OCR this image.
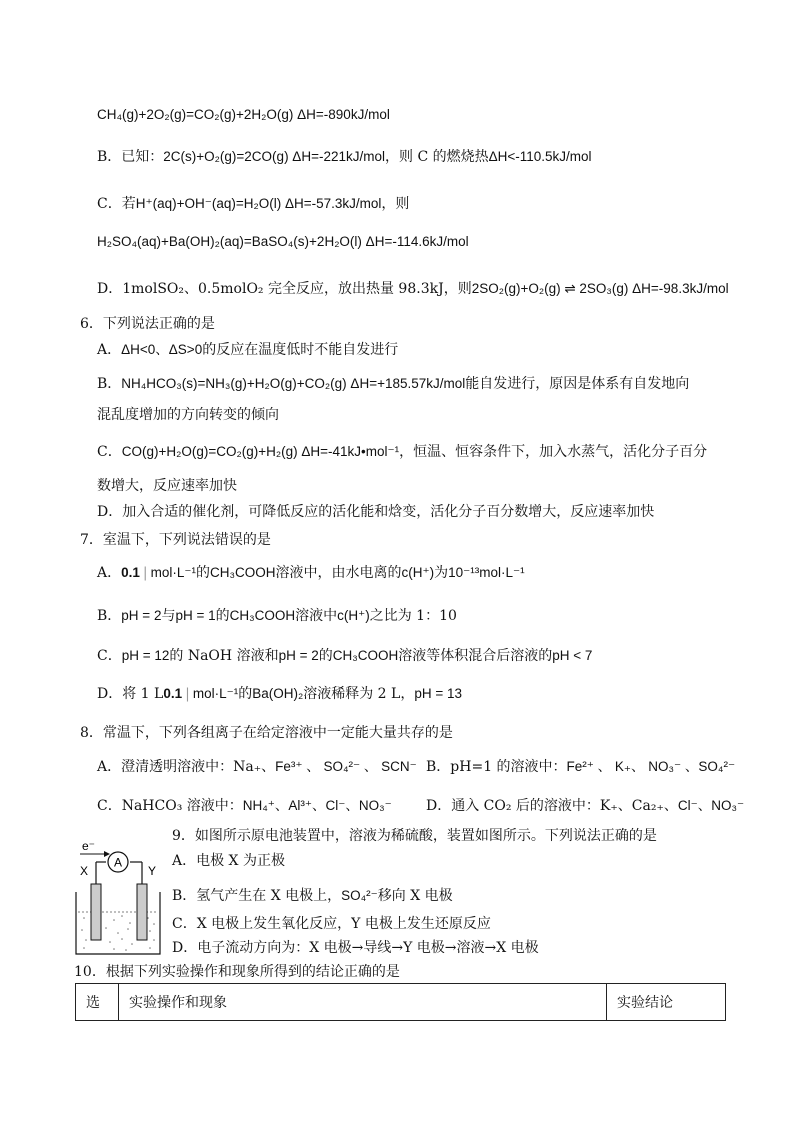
CH₄(g)+2O₂(g)=CO₂(g)+2H₂O(g) ΔH=-890kJ/mol
B．已知：2C(s)+O₂(g)=2CO(g) ΔH=-221kJ/mol，则 C 的燃烧热ΔH<-110.5kJ/mol
C．若H⁺(aq)+OH⁻(aq)=H₂O(l) ΔH=-57.3kJ/mol，则
H₂SO₄(aq)+Ba(OH)₂(aq)=BaSO₄(s)+2H₂O(l) ΔH=-114.6kJ/mol
D．1molSO₂、0.5molO₂ 完全反应，放出热量 98.3kJ，则2SO₂(g)+O₂(g) ⇌ 2SO₃(g) ΔH=-98.3kJ/mol
6．下列说法正确的是
A．ΔH<0、ΔS>0的反应在温度低时不能自发进行
B．NH₄HCO₃(s)=NH₃(g)+H₂O(g)+CO₂(g) ΔH=+185.57kJ/mol能自发进行，原因是体系有自发地向
混乱度增加的方向转变的倾向
C．CO(g)+H₂O(g)=CO₂(g)+H₂(g) ΔH=-41kJ•mol⁻¹，恒温、恒容条件下，加入水蒸气，活化分子百分
数增大，反应速率加快
D．加入合适的催化剂，可降低反应的活化能和焓变，活化分子百分数增大，反应速率加快
7．室温下，下列说法错误的是
A．0.1 | mol·L⁻¹的CH₃COOH溶液中，由水电离的c(H⁺)为10⁻¹³mol·L⁻¹
B．pH = 2与pH = 1的CH₃COOH溶液中c(H⁺)之比为 1：10
C．pH = 12的 NaOH 溶液和pH = 2的CH₃COOH溶液等体积混合后溶液的pH < 7
D．将 1 L0.1 | mol·L⁻¹的Ba(OH)₂溶液稀释为 2 L，pH = 13
8．常温下，下列各组离子在给定溶液中一定能大量共存的是
A．澄清透明溶液中：Na₊、Fe³⁺ 、 SO₄²⁻ 、 SCN⁻ B．pH=1 的溶液中：Fe²⁺ 、 K₊、 NO₃⁻ 、SO₄²⁻
C．NaHCO₃ 溶液中：NH₄⁺、Al³⁺、Cl⁻、NO₃⁻ D．通入 CO₂ 后的溶液中：K₊、Ca₂₊、Cl⁻、NO₃⁻
e⁻
A
X	Y
9．如图所示原电池装置中，溶液为稀硫酸，装置如图所示。下列说法正确的是
A．电极 X 为正极
B．氢气产生在 X 电极上，SO₄²⁻移向 X 电极
C．X 电极上发生氧化反应，Y 电极上发生还原反应
D．电子流动方向为：X 电极→导线→Y 电极→溶液→X 电极
10．根据下列实验操作和现象所得到的结论正确的是
选	实验操作和现象	实验结论
